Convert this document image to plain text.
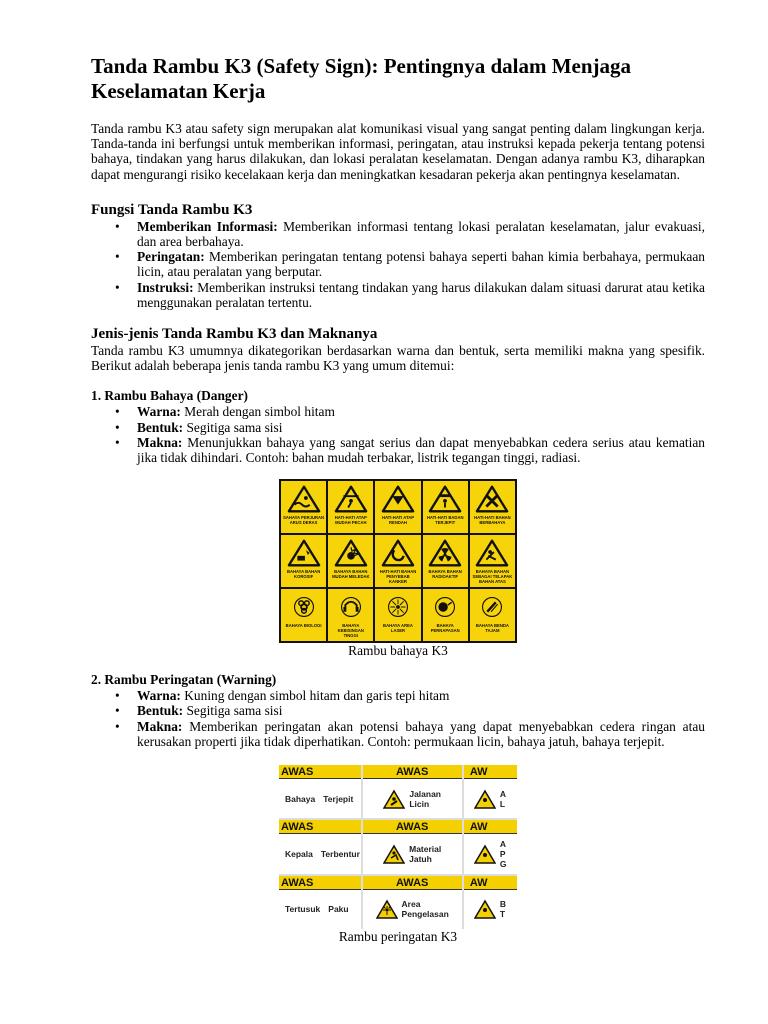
Tanda Rambu K3 (Safety Sign): Pentingnya dalam Menjaga Keselamatan Kerja

Tanda rambu K3 atau safety sign merupakan alat komunikasi visual yang sangat penting dalam lingkungan kerja. Tanda-tanda ini berfungsi untuk memberikan informasi, peringatan, atau instruksi kepada pekerja tentang potensi bahaya, tindakan yang harus dilakukan, dan lokasi peralatan keselamatan. Dengan adanya rambu K3, diharapkan dapat mengurangi risiko kecelakaan kerja dan meningkatkan kesadaran pekerja akan pentingnya keselamatan.

Fungsi Tanda Rambu K3
• Memberikan Informasi: Memberikan informasi tentang lokasi peralatan keselamatan, jalur evakuasi, dan area berbahaya.
• Peringatan: Memberikan peringatan tentang potensi bahaya seperti bahan kimia berbahaya, permukaan licin, atau peralatan yang berputar.
• Instruksi: Memberikan instruksi tentang tindakan yang harus dilakukan dalam situasi darurat atau ketika menggunakan peralatan tertentu.
Jenis-jenis Tanda Rambu K3 dan Maknanya

Tanda rambu K3 umumnya dikategorikan berdasarkan warna dan bentuk, serta memiliki makna yang spesifik. Berikut adalah beberapa jenis tanda rambu K3 yang umum ditemui:

1. Rambu Bahaya (Danger)
• Warna: Merah dengan simbol hitam
• Bentuk: Segitiga sama sisi
• Makna: Menunjukkan bahaya yang sangat serius dan dapat menyebabkan cedera serius atau kematian jika tidak dihindari. Contoh: bahan mudah terbakar, listrik tegangan tinggi, radiasi.
SAHAYA PERJURAN ARUS DERAS
HATI-HATI ATAP MUDAH PECAH
HATI-HATI ATAP RENDAH
HATI-HATI BADAN TERJEPIT
HATI-HATI BAHAN BERBAHAYA
BAHAYA BAHAN KOROSIF
BAHAYA BAHAN MUDAH MELEDAK
HATI-HATI BAHAN PENYEBAB KANKER
BAHAYA BAHAN RADIOAKTIF
BAHAYA BAHAN SEBAGAI TELAPAK BAHAN ATAS
BAHAYA BIOLOGI	BAHAYA KEBISINGAN TINGGI
BAHAYA AREA LASER
BAHAYA PERNAPASAN
BAHAYA BENDA TAJAM
Rambu bahaya K3
2. Rambu Peringatan (Warning)
• Warna: Kuning dengan simbol hitam dan garis tepi hitam
• Bentuk: Segitiga sama sisi
• Makna: Memberikan peringatan akan potensi bahaya yang dapat menyebabkan cedera ringan atau kerusakan properti jika tidak diperhatikan. Contoh: permukaan licin, bahaya jatuh, bahaya terjepit.
AWAS
Bahaya Terjepit
AWAS
Jalanan
Licin
AW
A
L
AWAS
Kepala Terbentur
AWAS
Material
Jatuh
AW
A
P
G
AWAS
Tertusuk Paku
AWAS
Area
Pengelasan
AW
B
T
Rambu peringatan K3
